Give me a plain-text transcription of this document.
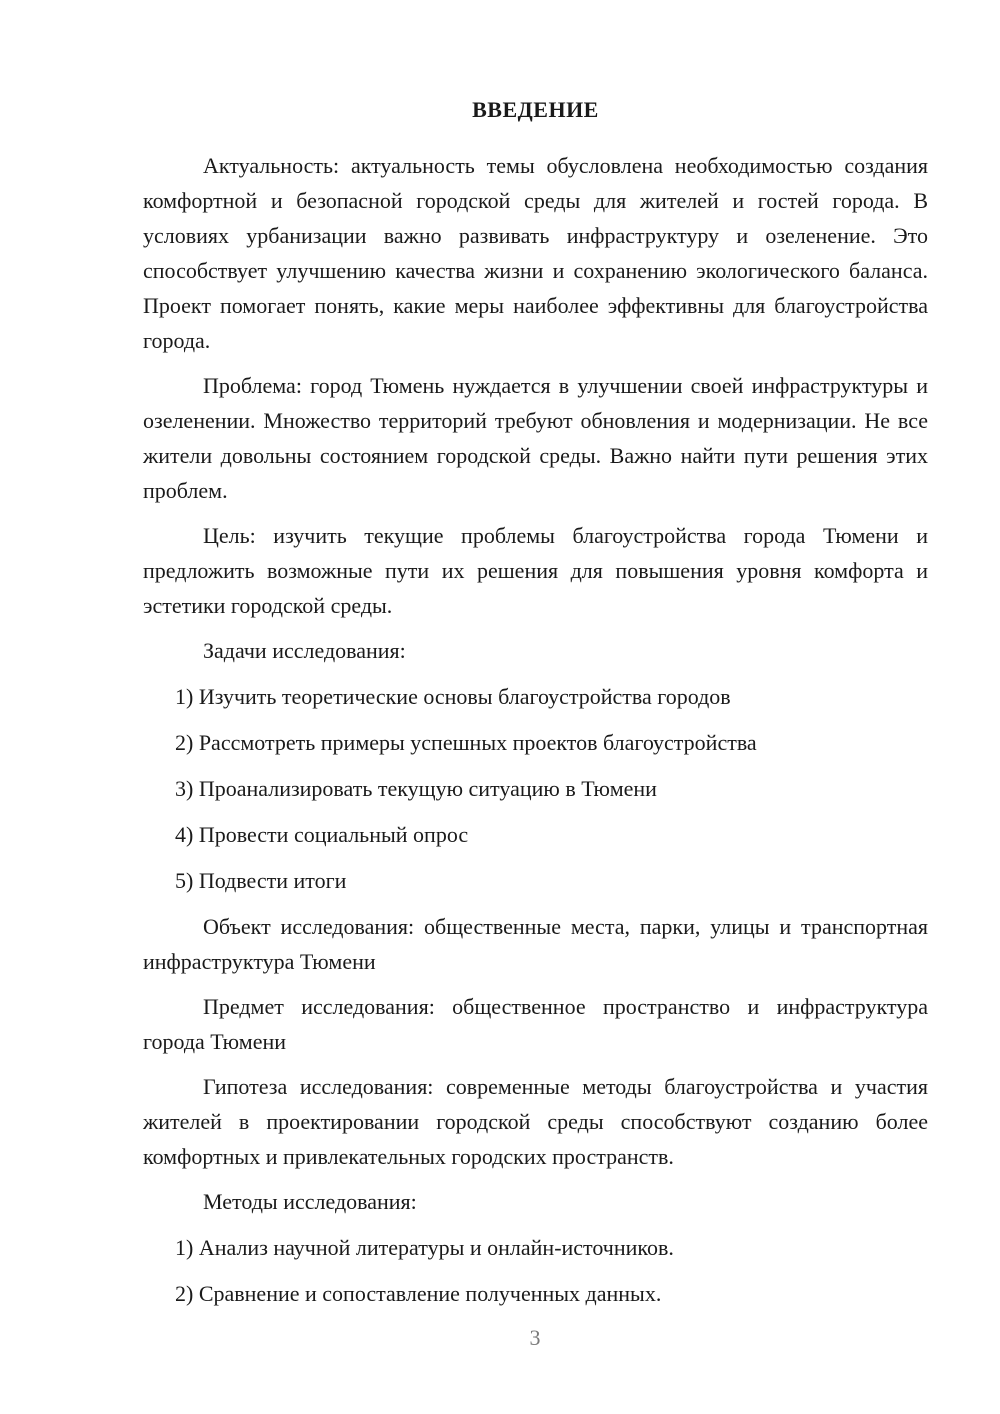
ВВЕДЕНИЕ

Актуальность: актуальность темы обусловлена необходимостью создания комфортной и безопасной городской среды для жителей и гостей города. В условиях урбанизации важно развивать инфраструктуру и озеленение. Это способствует улучшению качества жизни и сохранению экологического баланса. Проект помогает понять, какие меры наиболее эффективны для благоустройства города.

Проблема: город Тюмень нуждается в улучшении своей инфраструктуры и озеленении. Множество территорий требуют обновления и модернизации. Не все жители довольны состоянием городской среды. Важно найти пути решения этих проблем.

Цель: изучить текущие проблемы благоустройства города Тюмени и предложить возможные пути их решения для повышения уровня комфорта и эстетики городской среды.

Задачи исследования:

1) Изучить теоретические основы благоустройства городов

2) Рассмотреть примеры успешных проектов благоустройства

3) Проанализировать текущую ситуацию в Тюмени

4) Провести социальный опрос

5) Подвести итоги

Объект исследования: общественные места, парки, улицы и транспортная инфраструктура Тюмени

Предмет исследования: общественное пространство и инфраструктура города Тюмени

Гипотеза исследования: современные методы благоустройства и участия жителей в проектировании городской среды способствуют созданию более комфортных и привлекательных городских пространств.

Методы исследования:

1) Анализ научной литературы и онлайн-источников.

2) Сравнение и сопоставление полученных данных.

3
